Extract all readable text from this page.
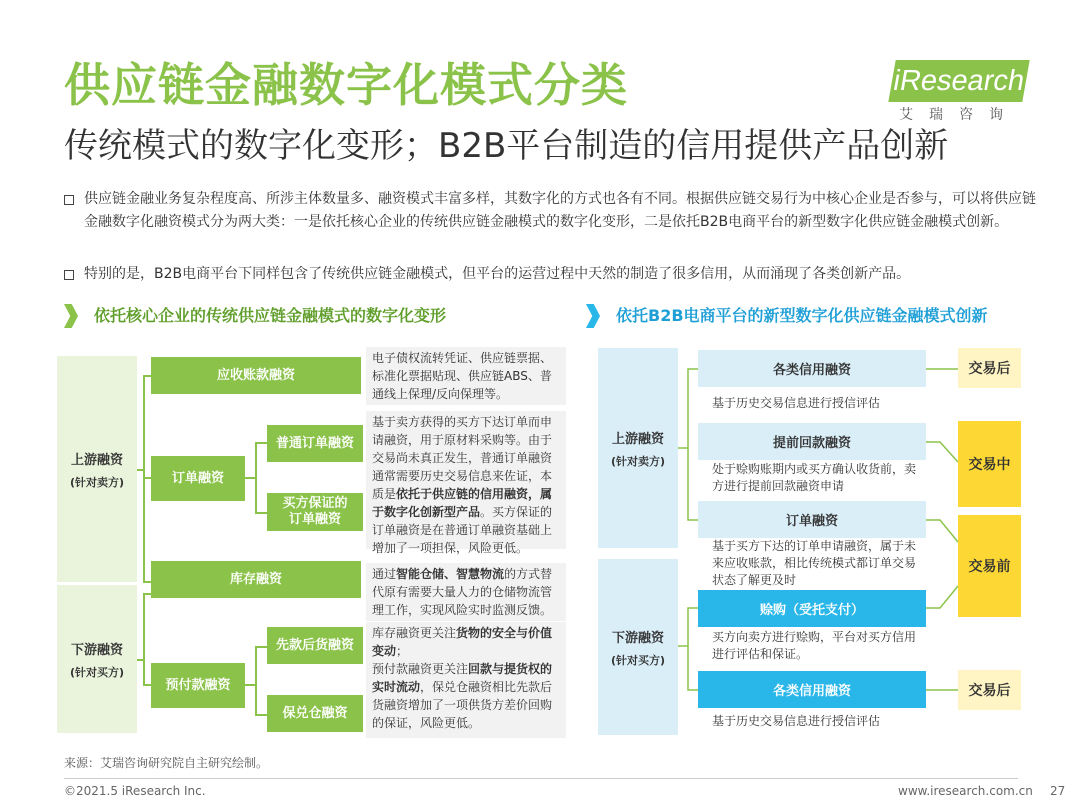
供应链金融数字化模式分类
传统模式的数字化变形；B2B平台制造的信用提供产品创新
iResearch
艾瑞咨询
供应链金融业务复杂程度高、所涉主体数量多、融资模式丰富多样，其数字化的方式也各有不同。根据供应链交易行为中核心企业是否参与，可以将供应链金融数字化融资模式分为两大类：一是依托核心企业的传统供应链金融模式的数字化变形，二是依托B2B电商平台的新型数字化供应链金融模式创新。
特别的是，B2B电商平台下同样包含了传统供应链金融模式，但平台的运营过程中天然的制造了很多信用，从而涌现了各类创新产品。
依托核心企业的传统供应链金融模式的数字化变形
上游融资
(针对卖方)
下游融资
(针对买方)
应收账款融资
电子债权流转凭证、供应链票据、标准化票据贴现、供应链ABS、普通线上保理/反向保理等。
订单融资
普通订单融资
买方保证的订单融资
基于卖方获得的买方下达订单而申请融资，用于原材料采购等。由于交易尚未真正发生，普通订单融资通常需要历史交易信息来佐证，本质是依托于供应链的信用融资，属于数字化创新型产品。买方保证的订单融资是在普通订单融资基础上增加了一项担保，风险更低。
库存融资	通过智能仓储、智慧物流的方式替代原有需要大量人力的仓储物流管理工作，实现风险实时监测反馈。
预付款融资
先款后货融资
保兑仓融资
库存融资更关注货物的安全与价值变动；
预付款融资更关注回款与提货权的实时流动，保兑仓融资相比先款后货融资增加了一项供货方差价回购的保证，风险更低。
依托B2B电商平台的新型数字化供应链金融模式创新
上游融资
(针对卖方)
下游融资
(针对买方)
各类信用融资
基于历史交易信息进行授信评估
提前回款融资
处于赊购账期内或买方确认收货前，卖方进行提前回款融资申请
订单融资
基于买方下达的订单申请融资，属于未来应收账款，相比传统模式都订单交易状态了解更及时
赊购（受托支付）
买方向卖方进行赊购，平台对买方信用进行评估和保证。
各类信用融资
基于历史交易信息进行授信评估
交易后
交易中
交易前
交易后
来源：艾瑞咨询研究院自主研究绘制。
©2021.5 iResearch Inc.	www.iresearch.com.cn 27
